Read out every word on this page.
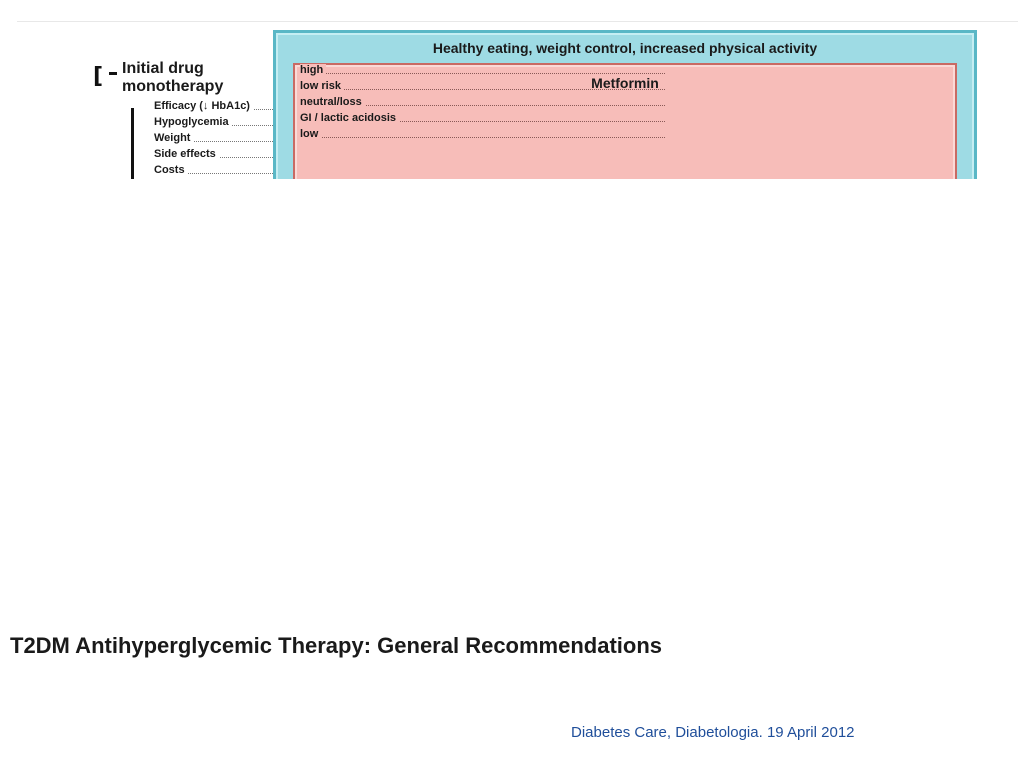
[	Initial drug
monotherapy
Efficacy (↓ HbA1c)
Hypoglycemia
Weight
Side effects
Costs
Healthy eating, weight control, increased physical activity
Metformin
high
low risk
neutral/loss
GI / lactic acidosis
low
T2DM Antihyperglycemic Therapy: General Recommendations
Diabetes Care, Diabetologia. 19 April 2012
